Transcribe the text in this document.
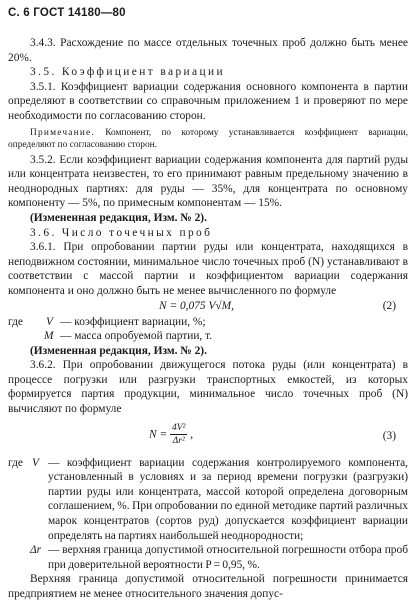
С. 6 ГОСТ 14180—80

3.4.3. Расхождение по массе отдельных точечных проб должно быть менее 20%.

3.5. Коэффициент вариации

3.5.1. Коэффициент вариации содержания основного компонента в партии определяют в соответствии со справочным приложением 1 и проверяют по мере необходимости по согласованию сторон.

Примечание. Компонент, по которому устанавливается коэффициент вариации, определяют по согласованию сторон.

3.5.2. Если коэффициент вариации содержания компонента для партий руды или концентрата неизвестен, то его принимают равным предельному значению в неоднородных партиях: для руды — 35%, для концентрата по основному компоненту — 5%, по примесным компонентам — 15%.

(Измененная редакция, Изм. № 2).

3.6. Число точечных проб

3.6.1. При опробовании партии руды или концентрата, находящихся в неподвижном состоянии, минимальное число точечных проб (N) устанавливают в соответствии с массой партии и коэффициентом вариации содержания компонента и оно должно быть не менее вычисленного по формуле

N = 0,075 V√M,	(2)
где V — коэффициент вариации, %;

M — масса опробуемой партии, т.

(Измененная редакция, Изм. № 2).

3.6.2. При опробовании движущегося потока руды (или концентрата) в процессе погрузки или разгрузки транспортных емкостей, из которых формируется партия продукции, минимальное число точечных проб (N) вычисляют по формуле

$N = \frac{\text{4V²}}{\text{Δr²}}$ ,	(3)
где V — коэффициент вариации содержания контролируемого компонента, установленный в условиях и за период времени погрузки (разгрузки) партии руды или концентрата, массой которой определена договорным соглашением, %. При опробовании по единой методике партий различных марок концентратов (сортов руд) допускается коэффициент вариации определять на партиях наибольшей неоднородности;

Δr — верхняя граница допустимой относительной погрешности отбора проб при доверительной вероятности P = 0,95, %.

Верхняя граница допустимой относительной погрешности принимается предприятием не менее относительного значения допус-
